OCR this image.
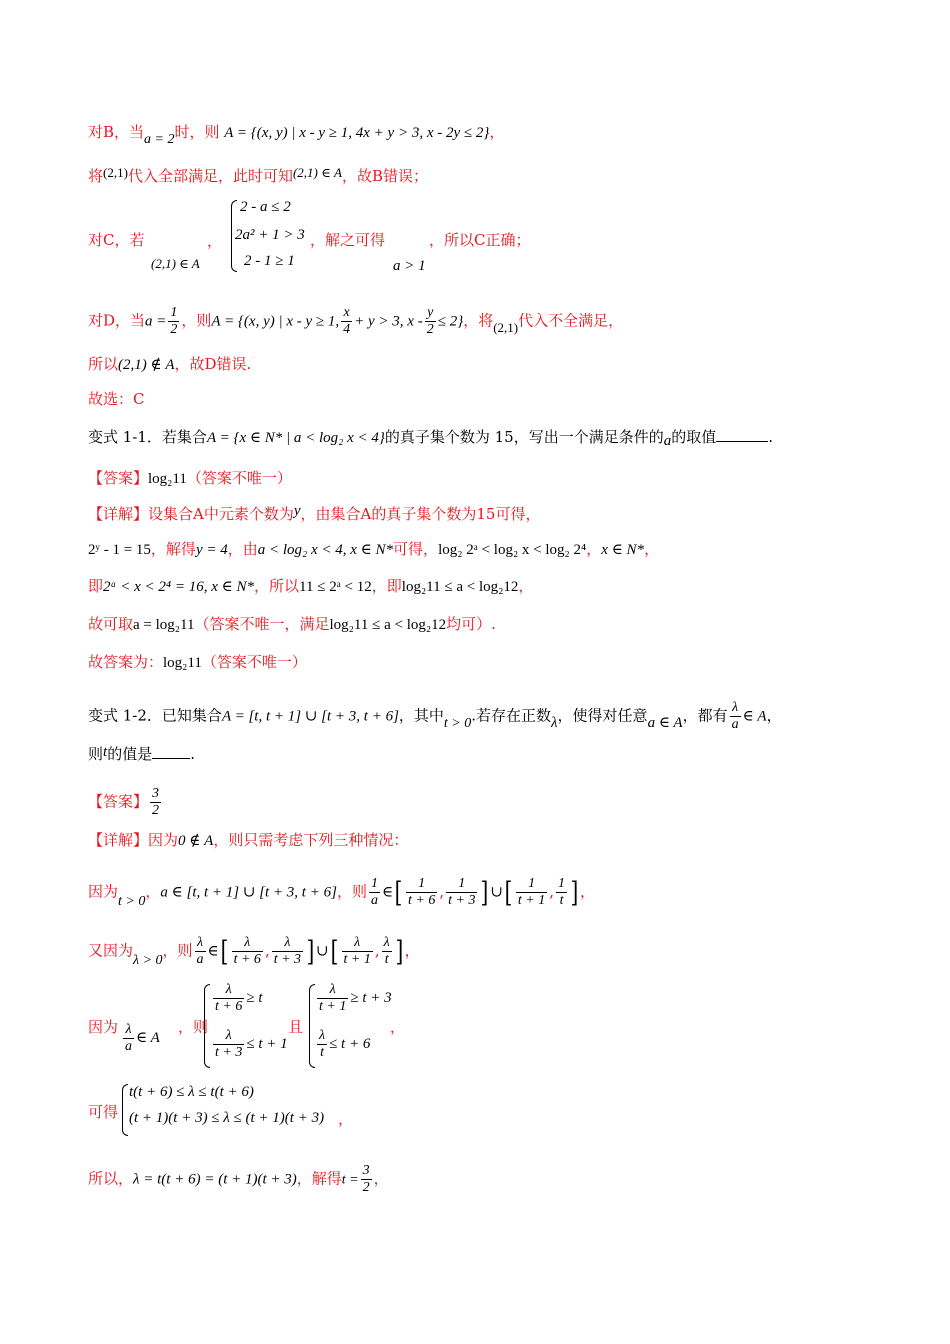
对B，当a = 2时，则 A = {(x, y) | x - y ≥ 1, 4x + y > 3, x - 2y ≤ 2}，
将(2,1)代入全部满足，此时可知(2,1) ∈ A，故B错误；
对C，若
(2,1) ∈ A
，
2 - a ≤ 2
2a² + 1 > 3
2 - 1 ≥ 1
，解之可得	，所以C正确；
a > 1
对D，当$a = \frac{1}{2}$ ，则A = {(x, y) | x - y ≥ 1, $\frac{x}{4} + y > 3$, $x - \frac{y}{2} \le 2$}，将(2,1)代入不全满足，
所以(2,1) ∉ A，故D错误.
故选：C
变式 1-1．若集合A = {x ∈ N* | a < log₂ x < 4}的真子集个数为 15，写出一个满足条件的a的取值	.
【答案】log₂11（答案不唯一）
【详解】设集合A中元素个数为y，由集合A的真子集个数为15可得，
2ʸ - 1 = 15，解得y = 4，由a < log₂ x < 4, x ∈ N*可得，log₂ 2ᵃ < log₂ x < log₂ 2⁴，x ∈ N*，
即2ᵃ < x < 2⁴ = 16, x ∈ N*，所以11 ≤ 2ᵃ < 12，即log₂11 ≤ a < log₂12，
故可取a = log₂11（答案不唯一，满足log₂11 ≤ a < log₂12均可）.
故答案为：log₂11（答案不唯一）
变式 1-2．已知集合A = [t, t + 1] ∪ [t + 3, t + 6]，其中t > 0.若存在正数λ，使得对任意a ∈ A，都有 $\frac{\lambda}{a}$ ∈ A，
则t的值是	.
【答案】 $\frac{3}{2}$
【详解】因为0 ∉ A，则只需考虑下列三种情况：
因为t > 0，a ∈ [t, t + 1] ∪ [t + 3, t + 6]，则 $\frac{1}{a}$ ∈[ $\frac{1}{t + 6}$ , $\frac{1}{t + 3}$ ] ∪[ $\frac{1}{t + 1}$ , $\frac{1}{t}$ ] ，
又因为λ > 0，则 $\frac{\lambda}{a}$ ∈[ $\frac{\lambda}{t + 6}$ , $\frac{\lambda}{t + 3}$ ] ∪[ $\frac{\lambda}{t + 1}$ , $\frac{\lambda}{t}$ ] ，
因为 $\frac{\lambda}{a}$ ∈ A
，则
$\frac{\lambda}{t + 6} \ge t$
$\frac{\lambda}{t + 3} \le t + 1$
且
$\frac{\lambda}{t + 1} \ge t + 3$
$\frac{\lambda}{t} \le t + 6$
，
可得
t(t + 6) ≤ λ ≤ t(t + 6)
(t + 1)(t + 3) ≤ λ ≤ (t + 1)(t + 3) ，
所以，λ = t(t + 6) = (t + 1)(t + 3)，解得$t = \frac{3}{2}$ ，
